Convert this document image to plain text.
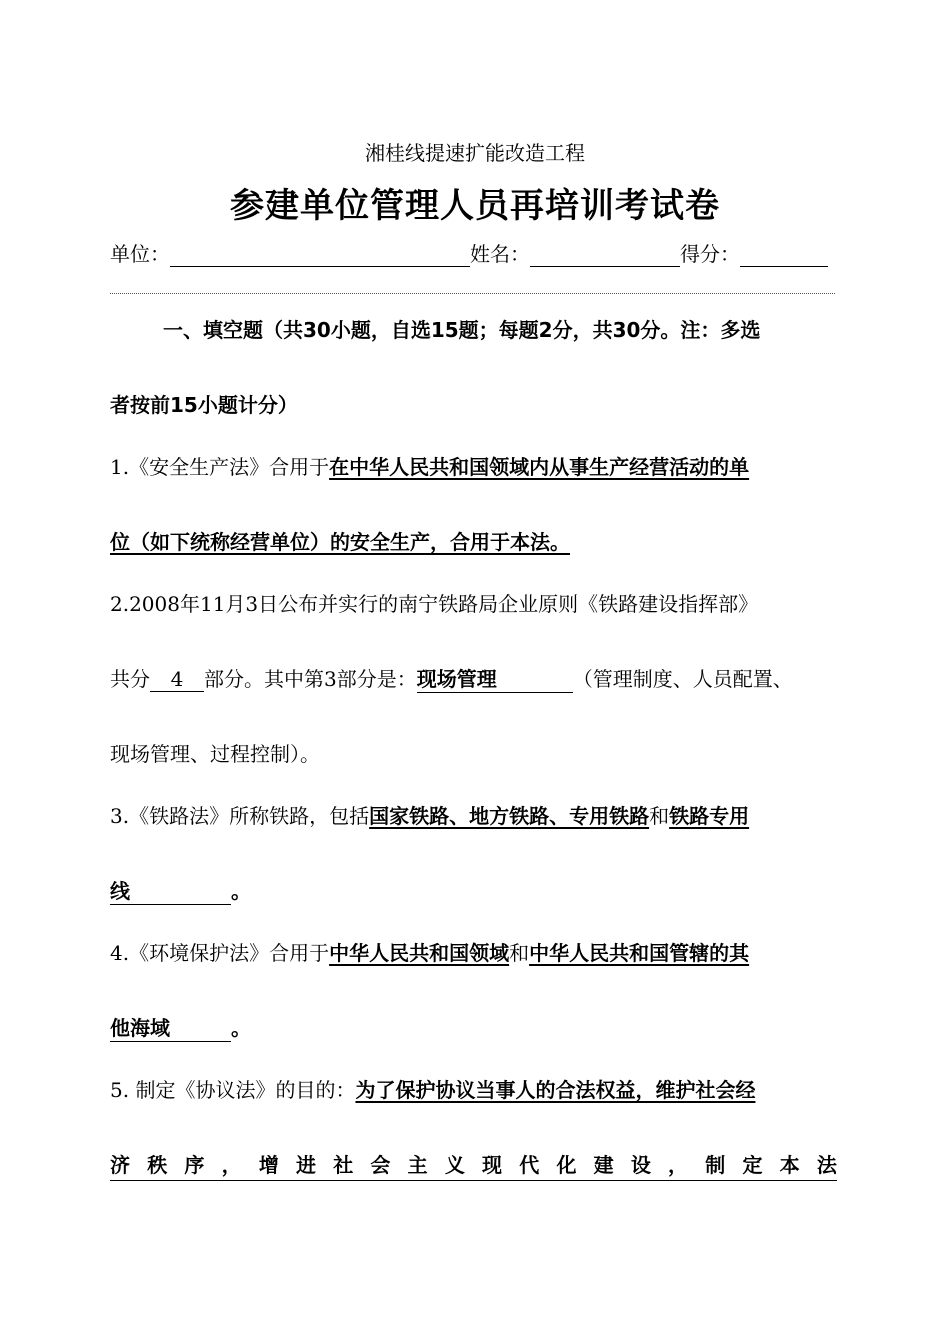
湘桂线提速扩能改造工程
参建单位管理人员再培训考试卷
单位：	姓名：	得分：
一、填空题（共30小题，自选15题；每题2分，共30分。注：多选
者按前15小题计分）
1.《安全生产法》合用于在中华人民共和国领域内从事生产经营活动的单
位（如下统称经营单位）的安全生产，合用于本法。
2.2008年11月3日公布并实行的南宁铁路局企业原则《铁路建设指挥部》
共分 4 部分。其中第3部分是：现场管理	（管理制度、人员配置、
现场管理、过程控制）。
3.《铁路法》所称铁路，包括国家铁路、地方铁路、专用铁路和铁路专用
线	。
4.《环境保护法》合用于中华人民共和国领域和中华人民共和国管辖的其
他海域	。
5. 制定《协议法》的目的：为了保护协议当事人的合法权益，维护社会经
济 秩 序 ， 增 进 社 会 主 义 现 代 化 建 设 ， 制 定 本 法
